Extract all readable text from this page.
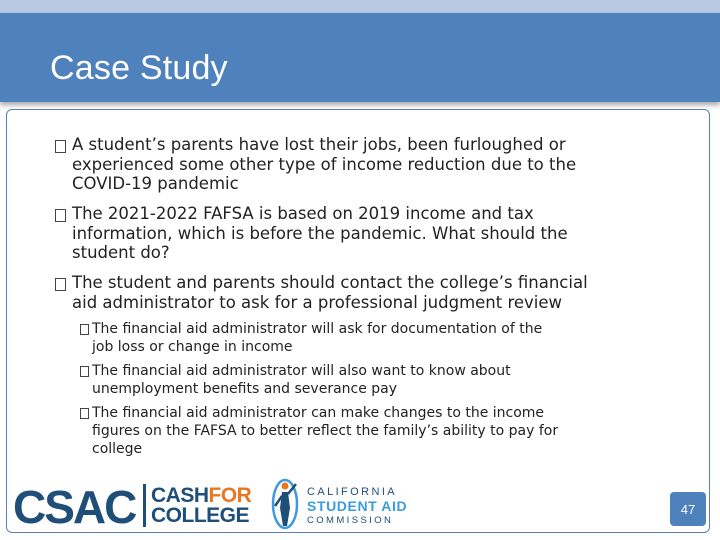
Case Study
A student’s parents have lost their jobs, been furloughed or
experienced some other type of income reduction due to the
COVID-19 pandemic
The 2021-2022 FAFSA is based on 2019 income and tax
information, which is before the pandemic. What should the
student do?
The student and parents should contact the college’s financial
aid administrator to ask for a professional judgment review
The financial aid administrator will ask for documentation of the
job loss or change in income
The financial aid administrator will also want to know about
unemployment benefits and severance pay
The financial aid administrator can make changes to the income
figures on the FAFSA to better reflect the family’s ability to pay for
college
CSAC CASHFOR
COLLEGE
CALIFORNIA
STUDENT AID
COMMISSION
47
